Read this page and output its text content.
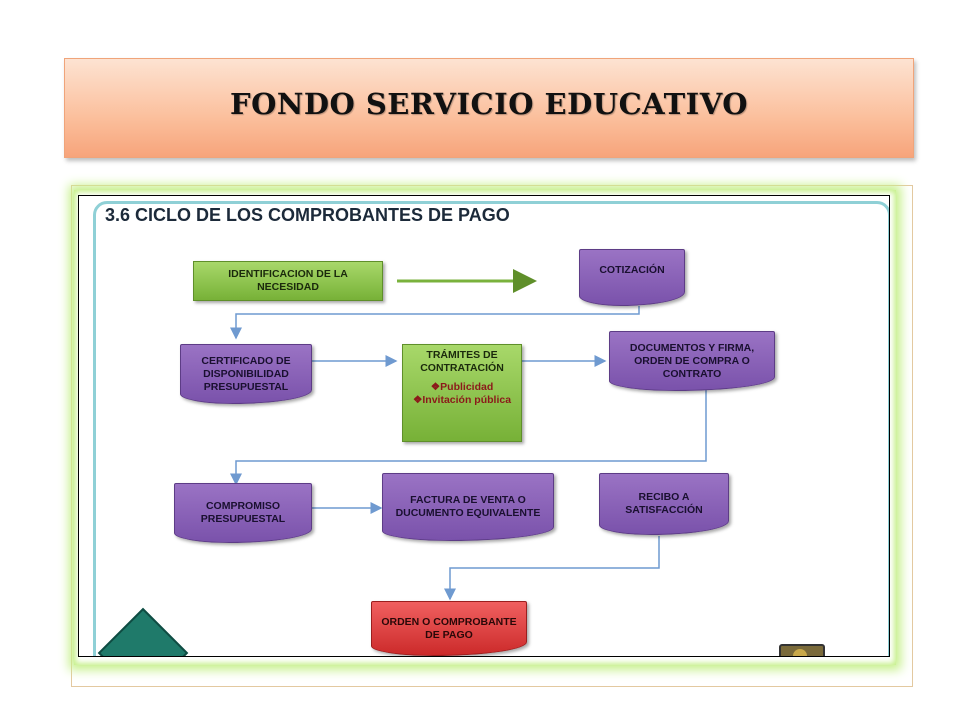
FONDO SERVICIO EDUCATIVO
3.6 CICLO DE LOS COMPROBANTES DE PAGO
IDENTIFICACION DE LA NECESIDAD
COTIZACIÓN
CERTIFICADO DE DISPONIBILIDAD PRESUPUESTAL
TRÁMITES DE CONTRATACIÓN
❖Publicidad
❖Invitación pública
DOCUMENTOS Y FIRMA, ORDEN DE COMPRA O CONTRATO
COMPROMISO PRESUPUESTAL
FACTURA DE VENTA O DUCUMENTO EQUIVALENTE
RECIBO A SATISFACCIÓN
ORDEN O COMPROBANTE DE PAGO
